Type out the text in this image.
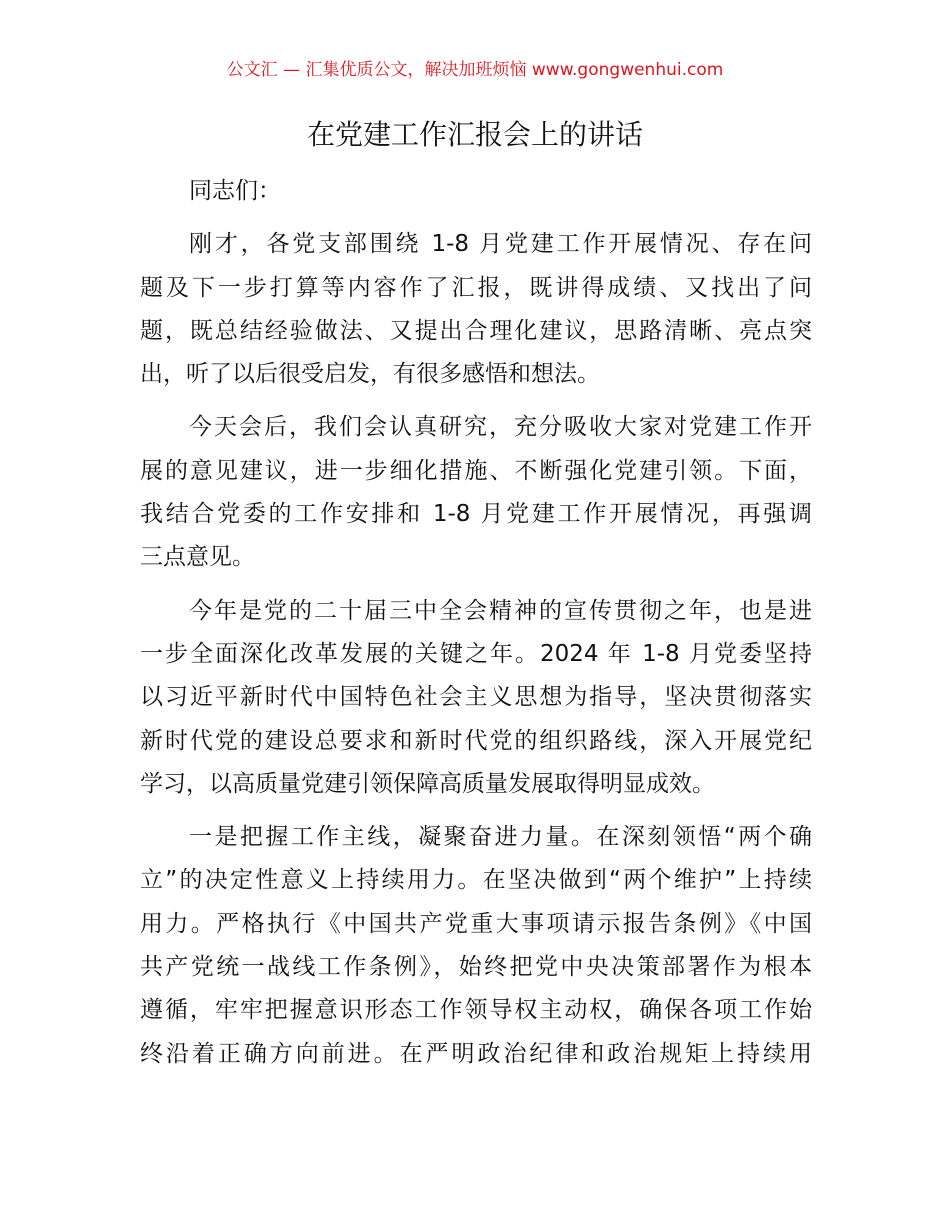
公文汇 — 汇集优质公文，解决加班烦恼 www.gongwenhui.com
在党建工作汇报会上的讲话
同志们：
刚才，各党支部围绕 1-8 月党建工作开展情况、存在问
题及下一步打算等内容作了汇报，既讲得成绩、又找出了问
题，既总结经验做法、又提出合理化建议，思路清晰、亮点突
出，听了以后很受启发，有很多感悟和想法。
今天会后，我们会认真研究，充分吸收大家对党建工作开
展的意见建议，进一步细化措施、不断强化党建引领。下面，
我结合党委的工作安排和 1-8 月党建工作开展情况，再强调
三点意见。
今年是党的二十届三中全会精神的宣传贯彻之年，也是进
一步全面深化改革发展的关键之年。2024 年 1-8 月党委坚持
以习近平新时代中国特色社会主义思想为指导，坚决贯彻落实
新时代党的建设总要求和新时代党的组织路线，深入开展党纪
学习，以高质量党建引领保障高质量发展取得明显成效。
一是把握工作主线，凝聚奋进力量。在深刻领悟“两个确
立”的决定性意义上持续用力。在坚决做到“两个维护”上持续
用力。严格执行《中国共产党重大事项请示报告条例》《中国
共产党统一战线工作条例》，始终把党中央决策部署作为根本
遵循，牢牢把握意识形态工作领导权主动权，确保各项工作始
终沿着正确方向前进。在严明政治纪律和政治规矩上持续用
